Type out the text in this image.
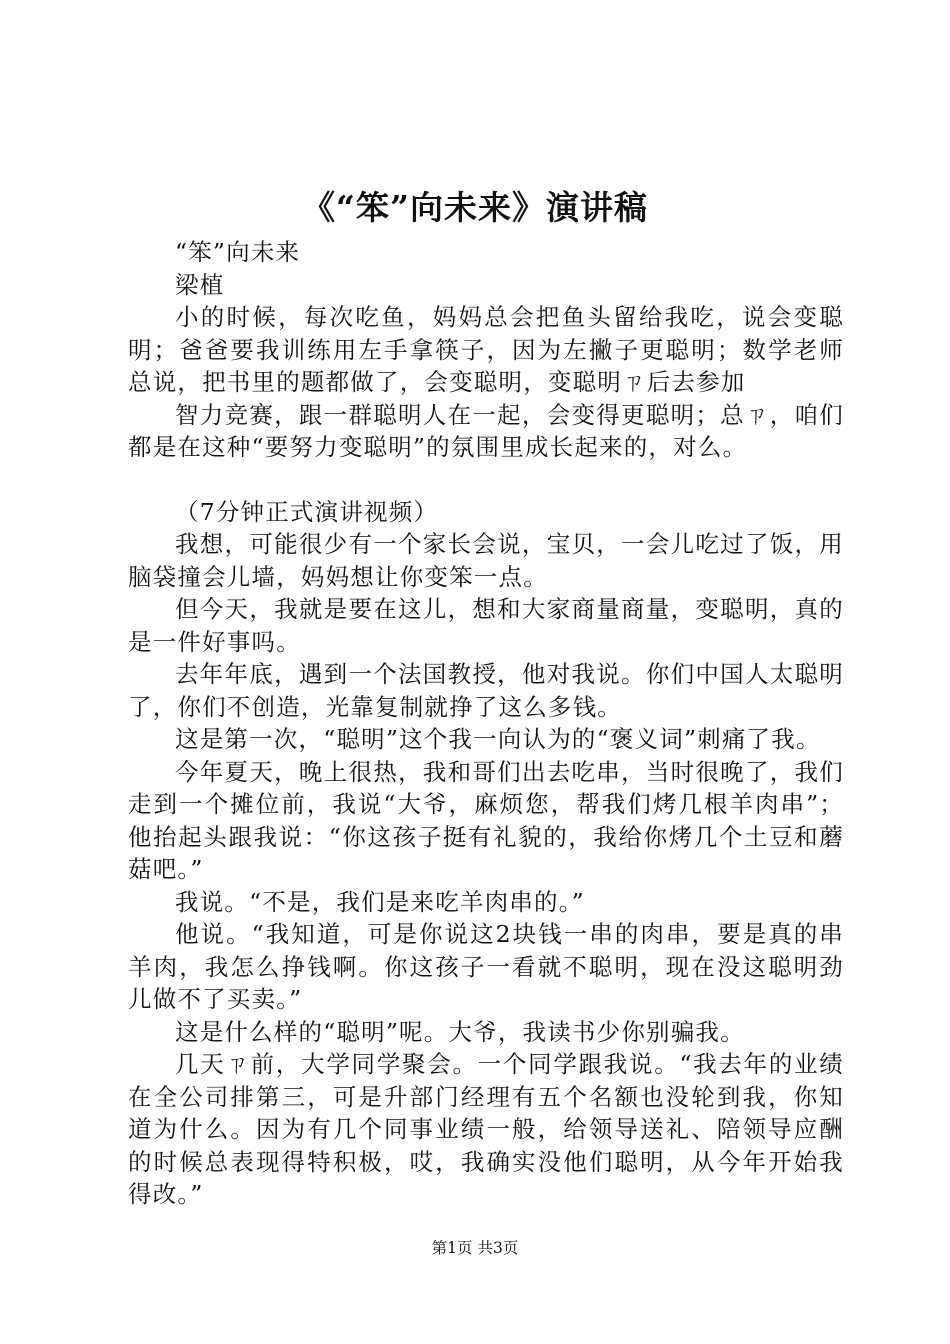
《“笨”向未来》演讲稿

“笨”向未来

梁植

小的时候，每次吃鱼，妈妈总会把鱼头留给我吃，说会变聪明；爸爸要我训练用左手拿筷子，因为左撇子更聪明；数学老师总说，把书里的题都做了，会变聪明，变聪明ㄗ后去参加

智力竞赛，跟一群聪明人在一起，会变得更聪明；总ㄗ，咱们都是在这种“要努力变聪明”的氛围里成长起来的，对么。

（7分钟正式演讲视频）

我想，可能很少有一个家长会说，宝贝，一会儿吃过了饭，用脑袋撞会儿墙，妈妈想让你变笨一点。

但今天，我就是要在这儿，想和大家商量商量，变聪明，真的是一件好事吗。

去年年底，遇到一个法国教授，他对我说。你们中国人太聪明了，你们不创造，光靠复制就挣了这么多钱。

这是第一次，“聪明”这个我一向认为的“褒义词”刺痛了我。

今年夏天，晚上很热，我和哥们出去吃串，当时很晚了，我们走到一个摊位前，我说“大爷，麻烦您，帮我们烤几根羊肉串”；他抬起头跟我说：“你这孩子挺有礼貌的，我给你烤几个土豆和蘑菇吧。”

我说。“不是，我们是来吃羊肉串的。”

他说。“我知道，可是你说这2块钱一串的肉串，要是真的串羊肉，我怎么挣钱啊。你这孩子一看就不聪明，现在没这聪明劲儿做不了买卖。”

这是什么样的“聪明”呢。大爷，我读书少你别骗我。

几天ㄗ前，大学同学聚会。一个同学跟我说。“我去年的业绩在全公司排第三，可是升部门经理有五个名额也没轮到我，你知道为什么。因为有几个同事业绩一般，给领导送礼、陪领导应酬的时候总表现得特积极，哎，我确实没他们聪明，从今年开始我得改。”

第1页 共3页
